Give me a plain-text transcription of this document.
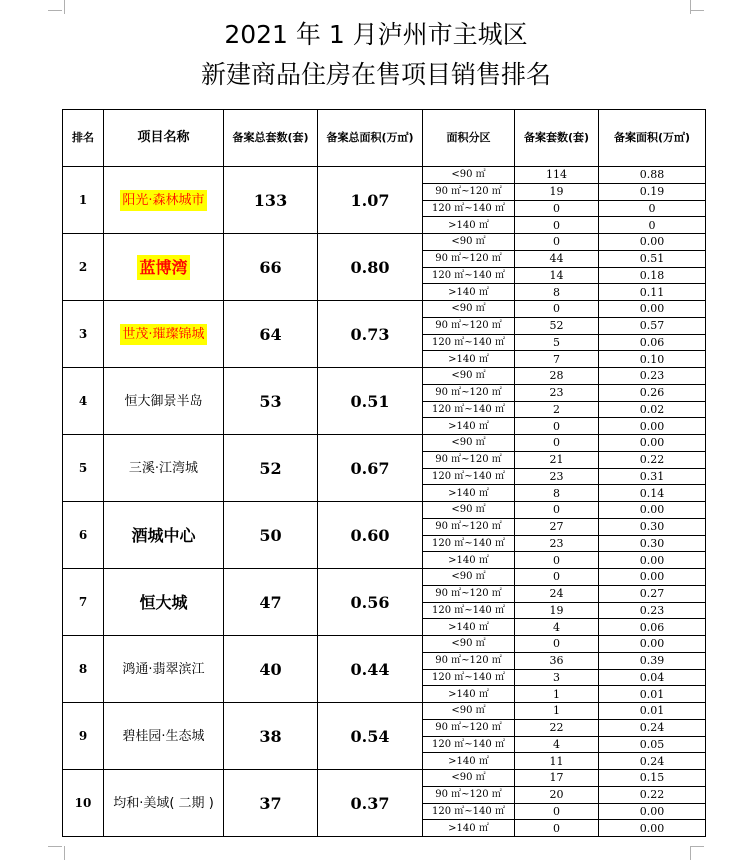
2021 年 1 月泸州市主城区
新建商品住房在售项目销售排名
排名	项目名称	备案总套数(套)	备案总面积(万㎡)	面积分区	备案套数(套)	备案面积(万㎡)
1	阳光·森林城市	133	1.07	<90 ㎡	114	0.88
				90 ㎡~120 ㎡	19	0.19
				120 ㎡~140 ㎡	0	0
				>140 ㎡	0	0
2	蓝博湾	66	0.80	<90 ㎡	0	0.00
				90 ㎡~120 ㎡	44	0.51
				120 ㎡~140 ㎡	14	0.18
				>140 ㎡	8	0.11
3	世茂·璀璨锦城	64	0.73	<90 ㎡	0	0.00
				90 ㎡~120 ㎡	52	0.57
				120 ㎡~140 ㎡	5	0.06
				>140 ㎡	7	0.10
4	恒大御景半岛	53	0.51	<90 ㎡	28	0.23
				90 ㎡~120 ㎡	23	0.26
				120 ㎡~140 ㎡	2	0.02
				>140 ㎡	0	0.00
5	三溪·江湾城	52	0.67	<90 ㎡	0	0.00
				90 ㎡~120 ㎡	21	0.22
				120 ㎡~140 ㎡	23	0.31
				>140 ㎡	8	0.14
6	酒城中心	50	0.60	<90 ㎡	0	0.00
				90 ㎡~120 ㎡	27	0.30
				120 ㎡~140 ㎡	23	0.30
				>140 ㎡	0	0.00
7	恒大城	47	0.56	<90 ㎡	0	0.00
				90 ㎡~120 ㎡	24	0.27
				120 ㎡~140 ㎡	19	0.23
				>140 ㎡	4	0.06
8	鸿通·翡翠滨江	40	0.44	<90 ㎡	0	0.00
				90 ㎡~120 ㎡	36	0.39
				120 ㎡~140 ㎡	3	0.04
				>140 ㎡	1	0.01
9	碧桂园·生态城	38	0.54	<90 ㎡	1	0.01
				90 ㎡~120 ㎡	22	0.24
				120 ㎡~140 ㎡	4	0.05
				>140 ㎡	11	0.24
10	均和·美域( 二期 )	37	0.37	<90 ㎡	17	0.15
				90 ㎡~120 ㎡	20	0.22
				120 ㎡~140 ㎡	0	0.00
				>140 ㎡	0	0.00
